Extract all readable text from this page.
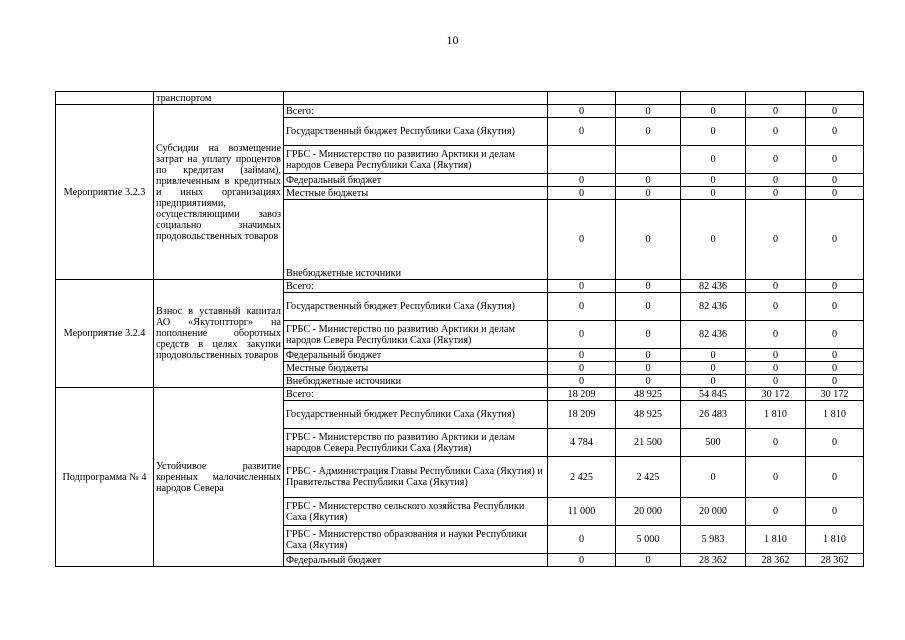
10
	транспортом						
Мероприятие 3.2.3	Субсидии на возмещение затрат на уплату процентов по кредитам (займам), привлеченным в кредитных и иных организациях предприятиями, осуществляющими завоз социально значимых продовольственных товаров	Всего:	0	0	0	0	0
		Государственный бюджет Республики Саха (Якутия)	0	0	0	0	0
		ГРБС - Министерство по развитию Арктики и делам народов Севера Республики Саха (Якутия)			0	0	0
		Федеральный бюджет	0	0	0	0	0
		Местные бюджеты	0	0	0	0	0
		Внебюджетные источники	0	0	0	0	0
Мероприятие 3.2.4	Взнос в уставный капитал АО «Якутоптторг» на пополнение оборотных средств в целях закупки продовольственных товаров	Всего:	0	0	82 436	0	0
		Государственный бюджет Республики Саха (Якутия)	0	0	82 436	0	0
		ГРБС - Министерство по развитию Арктики и делам народов Севера Республики Саха (Якутия)	0	0	82 436	0	0
		Федеральный бюджет	0	0	0	0	0
		Местные бюджеты	0	0	0	0	0
		Внебюджетные источники	0	0	0	0	0
Подпрограмма № 4	Устойчивое развитие коренных малочисленных народов Севера	Всего:	18 209	48 925	54 845	30 172	30 172
		Государственный бюджет Республики Саха (Якутия)	18 209	48 925	26 483	1 810	1 810
		ГРБС - Министерство по развитию Арктики и делам народов Севера Республики Саха (Якутия)	4 784	21 500	500	0	0
		ГРБС - Администрация Главы Республики Саха (Якутия) и Правительства Республики Саха (Якутия)	2 425	2 425	0	0	0
		ГРБС - Министерство сельского хозяйства Республики Саха (Якутия)	11 000	20 000	20 000	0	0
		ГРБС - Министерство образования и науки Республики Саха (Якутия)	0	5 000	5 983	1 810	1 810
		Федеральный бюджет	0	0	28 362	28 362	28 362
